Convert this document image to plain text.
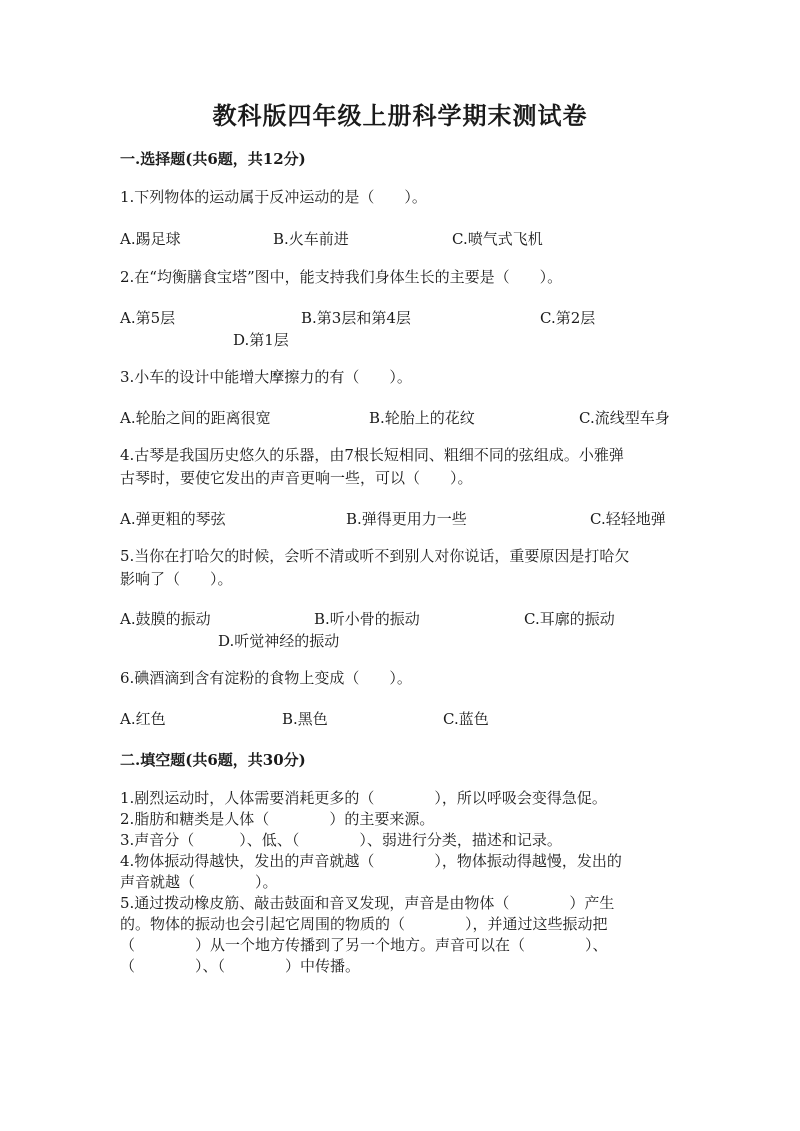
教科版四年级上册科学期末测试卷
一.选择题(共6题，共12分)
1.下列物体的运动属于反冲运动的是（　　）。
A.踢足球	B.火车前进	C.喷气式飞机
2.在“均衡膳食宝塔”图中，能支持我们身体生长的主要是（　　）。
A.第5层	B.第3层和第4层	C.第2层
D.第1层
3.小车的设计中能增大摩擦力的有（　　）。
A.轮胎之间的距离很宽	B.轮胎上的花纹	C.流线型车身
4.古琴是我国历史悠久的乐器，由7根长短相同、粗细不同的弦组成。小雅弹
古琴时，要使它发出的声音更响一些，可以（　　）。
A.弹更粗的琴弦	B.弹得更用力一些	C.轻轻地弹
5.当你在打哈欠的时候，会听不清或听不到别人对你说话，重要原因是打哈欠
影响了（　　）。
A.鼓膜的振动	B.听小骨的振动	C.耳廓的振动
D.听觉神经的振动
6.碘酒滴到含有淀粉的食物上变成（　　）。
A.红色	B.黑色	C.蓝色
二.填空题(共6题，共30分)
1.剧烈运动时，人体需要消耗更多的（　　　　），所以呼吸会变得急促。
2.脂肪和糖类是人体（　　　　）的主要来源。
3.声音分（　　　）、低、（　　　　）、弱进行分类，描述和记录。
4.物体振动得越快，发出的声音就越（　　　　），物体振动得越慢，发出的
声音就越（　　　　）。
5.通过拨动橡皮筋、敲击鼓面和音叉发现，声音是由物体（　　　　）产生
的。物体的振动也会引起它周围的物质的（　　　　），并通过这些振动把
（　　　　）从一个地方传播到了另一个地方。声音可以在（　　　　）、
（　　　　）、（　　　　）中传播。
